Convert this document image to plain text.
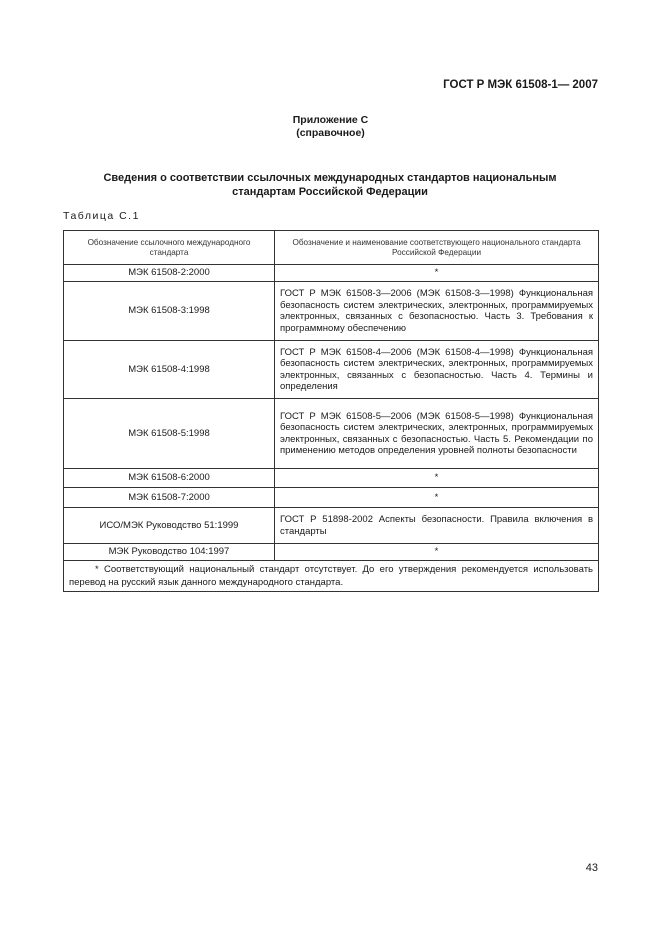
ГОСТ Р МЭК 61508-1— 2007
Приложение С
(справочное)
Сведения о соответствии ссылочных международных стандартов национальным стандартам Российской Федерации
Таблица С.1
Обозначение ссылочного международного стандарта	Обозначение и наименование соответствующего национального стандарта Российской Федерации
МЭК 61508-2:2000	*
МЭК 61508-3:1998	ГОСТ Р МЭК 61508-3—2006 (МЭК 61508-3—1998) Функциональная безопасность систем электрических, электронных, программируемых электронных, связанных с безопасностью. Часть 3. Требования к программному обеспечению
МЭК 61508-4:1998	ГОСТ Р МЭК 61508-4—2006 (МЭК 61508-4—1998) Функциональная безопасность систем электрических, электронных, программируемых электронных, связанных с безопасностью. Часть 4. Термины и определения
МЭК 61508-5:1998	ГОСТ Р МЭК 61508-5—2006 (МЭК 61508-5—1998) Функциональная безопасность систем электрических, электронных, программируемых электронных, связанных с безопасностью. Часть 5. Рекомендации по применению методов определения уровней полноты безопасности
МЭК 61508-6:2000	*
МЭК 61508-7:2000	*
ИСО/МЭК Руководство 51:1999	ГОСТ Р 51898-2002 Аспекты безопасности. Правила включения в стандарты
МЭК Руководство 104:1997	*
* Соответствующий национальный стандарт отсутствует. До его утверждения рекомендуется использовать перевод на русский язык данного международного стандарта.	
43
